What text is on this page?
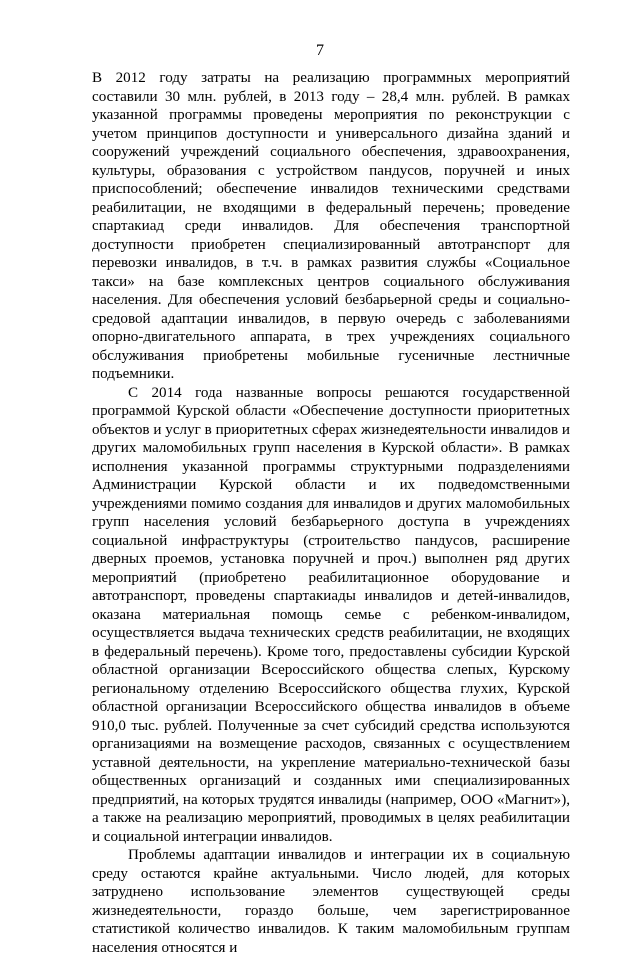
7

В 2012 году затраты на реализацию программных мероприятий составили 30 млн. рублей, в 2013 году – 28,4 млн. рублей. В рамках указанной программы проведены мероприятия по реконструкции с учетом принципов доступности и универсального дизайна зданий и сооружений учреждений социального обеспечения, здравоохранения, культуры, образования с устройством пандусов, поручней и иных приспособлений; обеспечение инвалидов техническими средствами реабилитации, не входящими в федеральный перечень; проведение спартакиад среди инвалидов. Для обеспечения транспортной доступности приобретен специализированный автотранспорт для перевозки инвалидов, в т.ч. в рамках развития службы «Социальное такси» на базе комплексных центров социального обслуживания населения. Для обеспечения условий безбарьерной среды и социально-средовой адаптации инвалидов, в первую очередь с заболеваниями опорно-двигательного аппарата, в трех учреждениях социального обслуживания приобретены мобильные гусеничные лестничные подъемники.

С 2014 года названные вопросы решаются государственной программой Курской области «Обеспечение доступности приоритетных объектов и услуг в приоритетных сферах жизнедеятельности инвалидов и других маломобильных групп населения в Курской области». В рамках исполнения указанной программы структурными подразделениями Администрации Курской области и их подведомственными учреждениями помимо создания для инвалидов и других маломобильных групп населения условий безбарьерного доступа в учреждениях социальной инфраструктуры (строительство пандусов, расширение дверных проемов, установка поручней и проч.) выполнен ряд других мероприятий (приобретено реабилитационное оборудование и автотранспорт, проведены спартакиады инвалидов и детей-инвалидов, оказана материальная помощь семье с ребенком-инвалидом, осуществляется выдача технических средств реабилитации, не входящих в федеральный перечень). Кроме того, предоставлены субсидии Курской областной организации Всероссийского общества слепых, Курскому региональному отделению Всероссийского общества глухих, Курской областной организации Всероссийского общества инвалидов в объеме 910,0 тыс. рублей. Полученные за счет субсидий средства используются организациями на возмещение расходов, связанных с осуществлением уставной деятельности, на укрепление материально-технической базы общественных организаций и созданных ими специализированных предприятий, на которых трудятся инвалиды (например, ООО «Магнит»), а также на реализацию мероприятий, проводимых в целях реабилитации и социальной интеграции инвалидов.

Проблемы адаптации инвалидов и интеграции их в социальную среду остаются крайне актуальными. Число людей, для которых затруднено использование элементов существующей среды жизнедеятельности, гораздо больше, чем зарегистрированное статистикой количество инвалидов. К таким маломобильным группам населения относятся и
